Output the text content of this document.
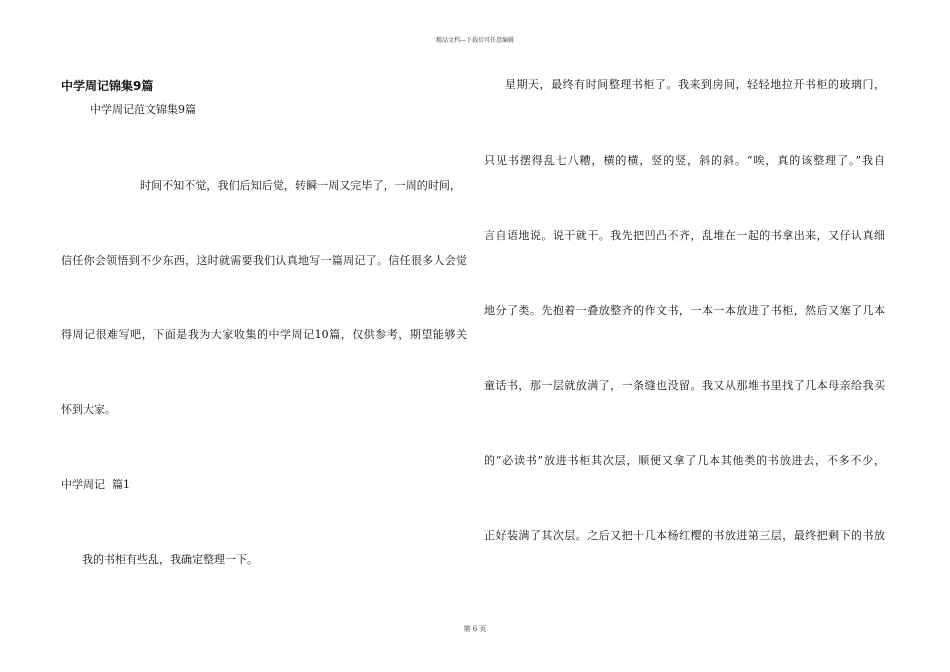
精品文档---下载后可任意编辑
中学周记锦集9篇
中学周记范文锦集9篇
时间不知不觉，我们后知后觉，转瞬一周又完毕了，一周的时间，
信任你会领悟到不少东西，这时就需要我们认真地写一篇周记了。信任很多人会觉
得周记很难写吧，下面是我为大家收集的中学周记10篇，仅供参考，期望能够关
怀到大家。
中学周记  篇1
我的书柜有些乱，我确定整理一下。
星期天，最终有时间整理书柜了。我来到房间，轻轻地拉开书柜的玻璃门，
只见书摆得乱七八糟，横的横，竖的竖，斜的斜。“唉，真的该整理了。”我自
言自语地说。说干就干。我先把凹凸不齐，乱堆在一起的书拿出来，又仔认真细
地分了类。先抱着一叠放整齐的作文书，一本一本放进了书柜，然后又塞了几本
童话书，那一层就放满了，一条缝也没留。我又从那堆书里找了几本母亲给我买
的“必读书”放进书柜其次层，顺便又拿了几本其他类的书放进去，不多不少，
正好装满了其次层。之后又把十几本杨红樱的书放进第三层，最终把剩下的书放
第 6 页
